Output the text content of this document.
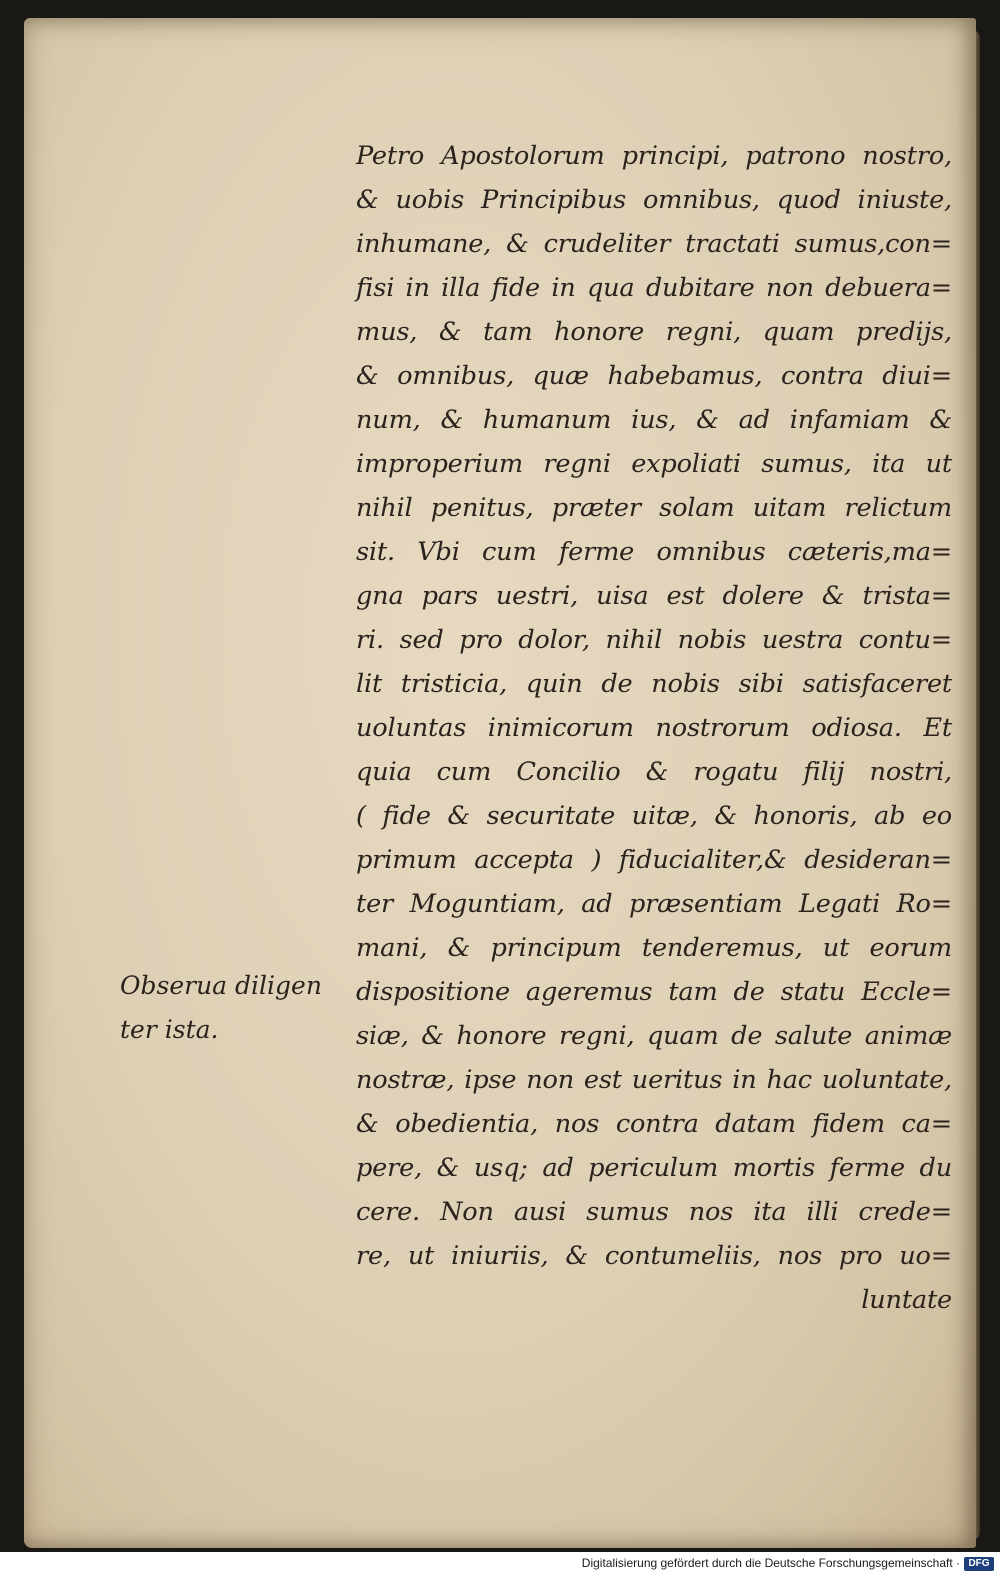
Petro Apostolorum principi, patrono nostro,
& uobis Principibus omnibus, quod iniuste,
inhumane, & crudeliter tractati sumus,con=
fisi in illa fide in qua dubitare non debuera=
mus, & tam honore regni, quam predijs,
& omnibus, quæ habebamus, contra diui=
num, & humanum ius, & ad infamiam &
improperium regni expoliati sumus, ita ut
nihil penitus, præter solam uitam relictum
sit. Vbi cum ferme omnibus cæteris,ma=
gna pars uestri, uisa est dolere & trista=
ri. sed pro dolor, nihil nobis uestra contu=
lit tristicia, quin de nobis sibi satisfaceret
uoluntas inimicorum nostrorum odiosa. Et
quia cum Concilio & rogatu filij nostri,
( fide & securitate uitæ, & honoris, ab eo
primum accepta ) fiducialiter,& desideran=
ter Moguntiam, ad præsentiam Legati Ro=
mani, & principum tenderemus, ut eorum
dispositione ageremus tam de statu Eccle=
siæ, & honore regni, quam de salute animæ
nostræ, ipse non est ueritus in hac uoluntate,
& obedientia, nos contra datam fidem ca=
pere, & usq; ad periculum mortis ferme du
cere. Non ausi sumus nos ita illi crede=
re, ut iniuriis, & contumeliis, nos pro uo=
luntate
Obserua diligen
ter ista.
Digitalisierung gefördert durch die Deutsche Forschungsgemeinschaft · DFG
